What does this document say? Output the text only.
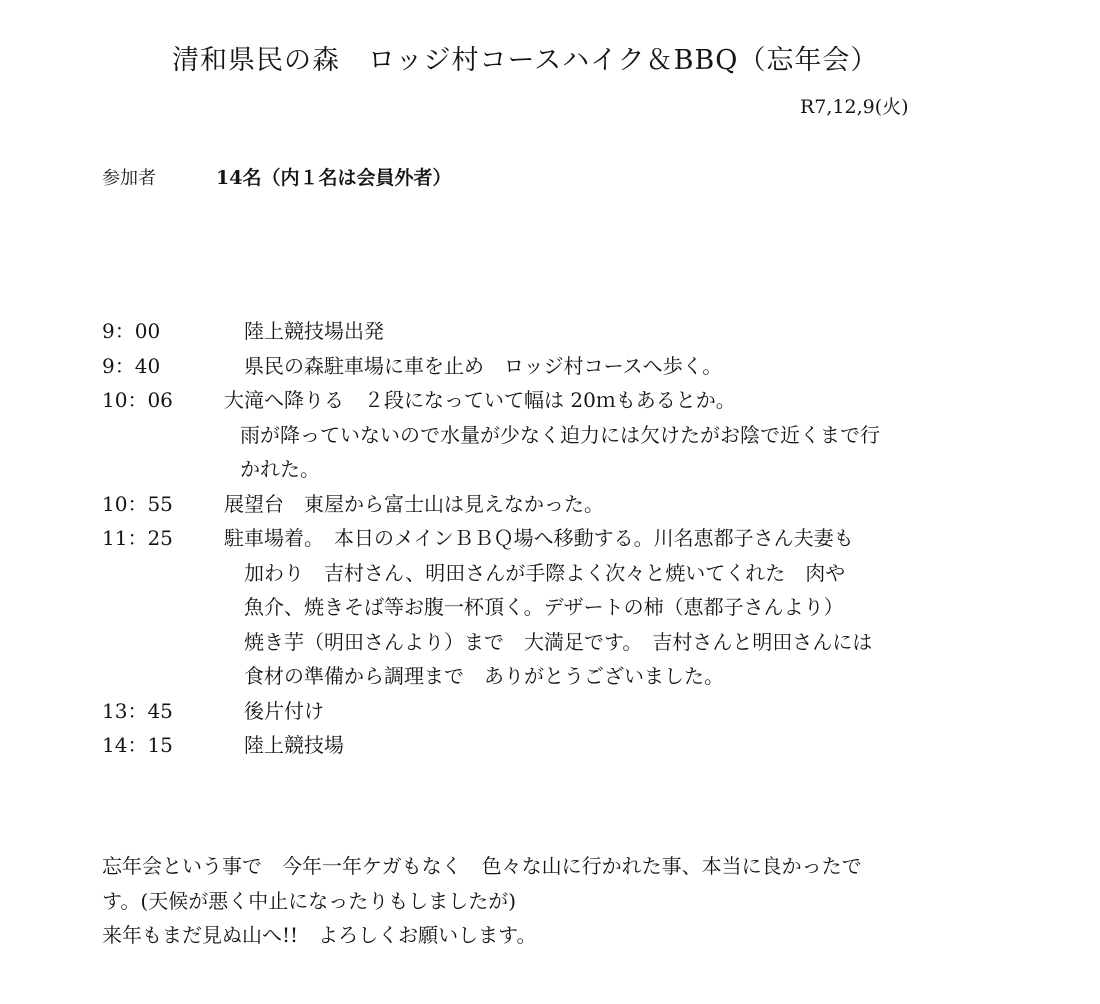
清和県民の森　ロッジ村コースハイク＆BBQ（忘年会）
R7,12,9(火)
参加者	14名（内１名は会員外者）
9：00	　陸上競技場出発
9：40	　県民の森駐車場に車を止め　ロッジ村コースへ歩く。
10：06	大滝へ降りる　２段になっていて幅は 20ｍもあるとか。
雨が降っていないので水量が少なく迫力には欠けたがお陰で近くまで行
かれた。
10：55	展望台　東屋から富士山は見えなかった。
11：25	駐車場着。　本日のメインＢＢＱ場へ移動する。川名恵都子さん夫妻も
加わり　吉村さん、明田さんが手際よく次々と焼いてくれた　肉や
魚介、焼きそば等お腹一杯頂く。デザートの柿（恵都子さんより）
焼き芋（明田さんより）まで　大満足です。　吉村さんと明田さんには
食材の準備から調理まで　ありがとうございました。
13：45	　後片付け
14：15	　陸上競技場
忘年会という事で　今年一年ケガもなく　色々な山に行かれた事、本当に良かったで
す。(天候が悪く中止になったりもしましたが)
来年もまだ見ぬ山へ!!　よろしくお願いします。
